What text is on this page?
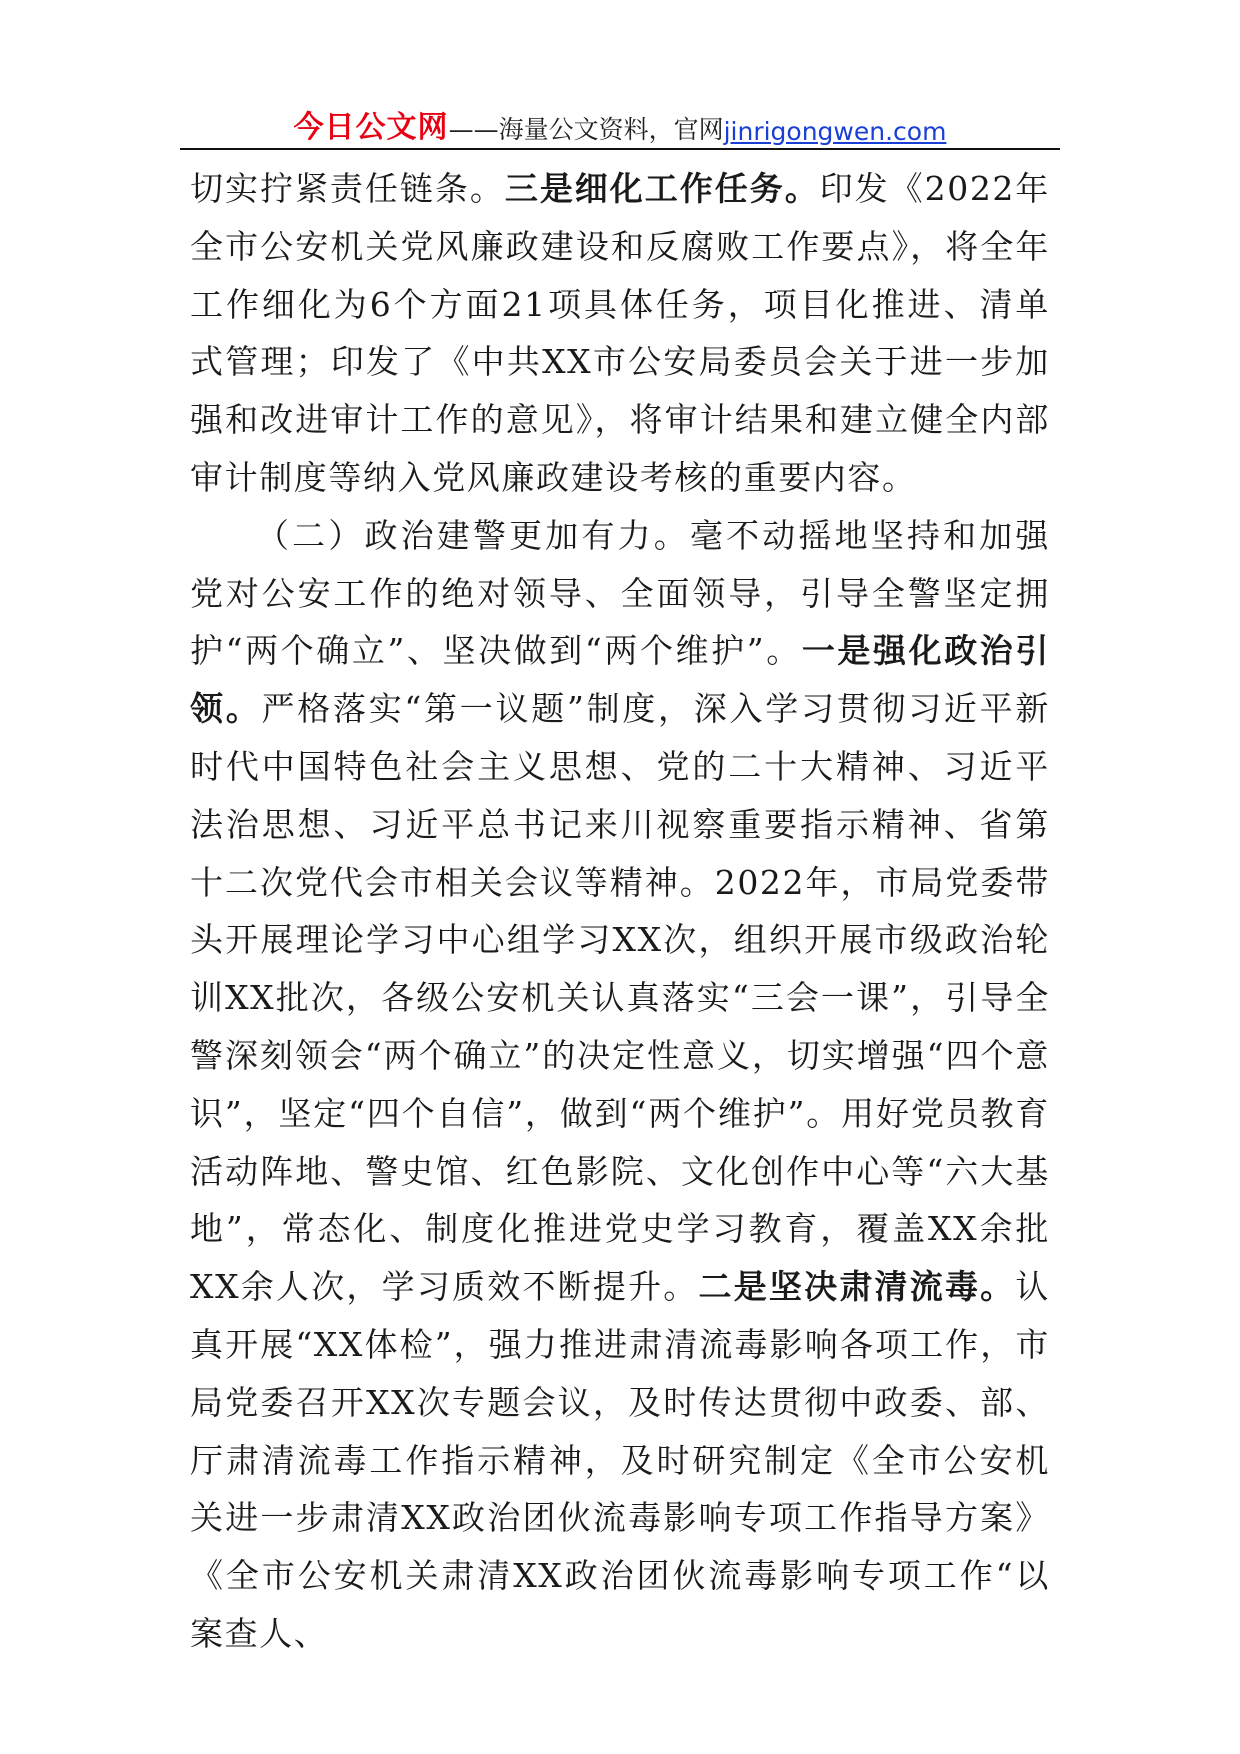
今日公文网 ——海量公文资料，官网 jinrigongwen.com

切实拧紧责任链条。三是细化工作任务。印发《2022年全市公安机关党风廉政建设和反腐败工作要点》，将全年工作细化为6个方面21项具体任务，项目化推进、清单式管理；印发了《中共XX市公安局委员会关于进一步加强和改进审计工作的意见》，将审计结果和建立健全内部审计制度等纳入党风廉政建设考核的重要内容。

（二）政治建警更加有力。毫不动摇地坚持和加强党对公安工作的绝对领导、全面领导，引导全警坚定拥护“两个确立”、坚决做到“两个维护”。一是强化政治引领。严格落实“第一议题”制度，深入学习贯彻习近平新时代中国特色社会主义思想、党的二十大精神、习近平法治思想、习近平总书记来川视察重要指示精神、省第十二次党代会市相关会议等精神。2022年，市局党委带头开展理论学习中心组学习XX次，组织开展市级政治轮训XX批次，各级公安机关认真落实“三会一课”，引导全警深刻领会“两个确立”的决定性意义，切实增强“四个意识”，坚定“四个自信”，做到“两个维护”。用好党员教育活动阵地、警史馆、红色影院、文化创作中心等“六大基地”，常态化、制度化推进党史学习教育，覆盖XX余批XX余人次，学习质效不断提升。二是坚决肃清流毒。认真开展“XX体检”，强力推进肃清流毒影响各项工作，市局党委召开XX次专题会议，及时传达贯彻中政委、部、厅肃清流毒工作指示精神，及时研究制定《全市公安机关进一步肃清XX政治团伙流毒影响专项工作指导方案》《全市公安机关肃清XX政治团伙流毒影响专项工作“以案查人、
